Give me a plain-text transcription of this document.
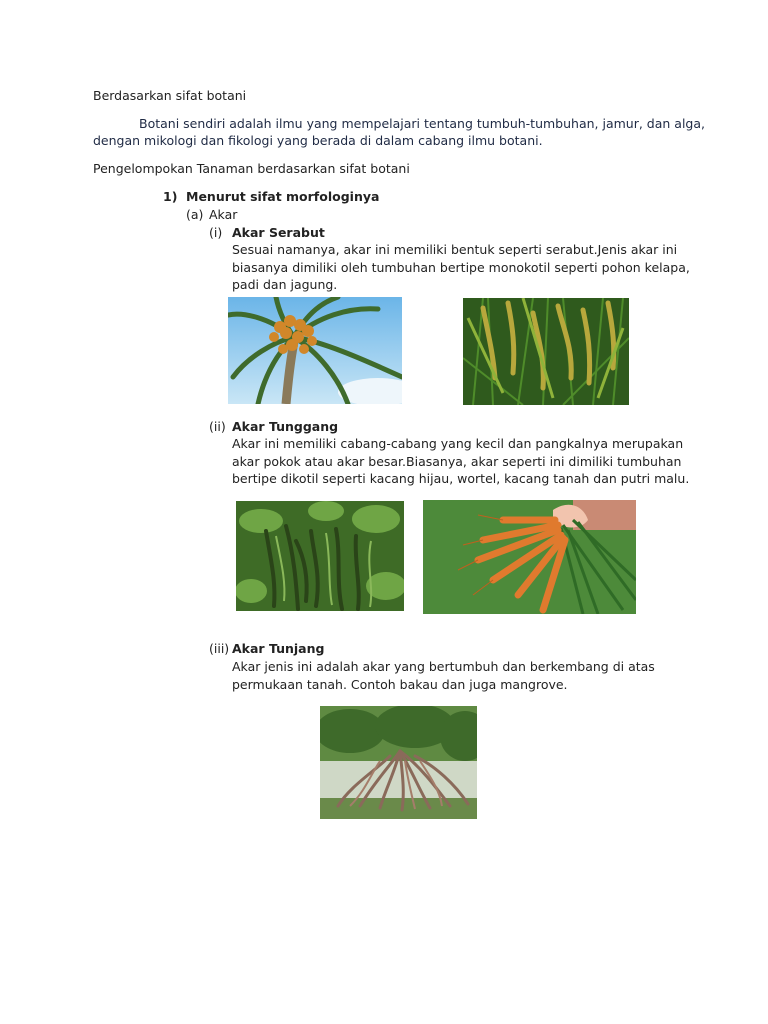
Berdasarkan sifat botani
Botani sendiri adalah ilmu yang mempelajari tentang tumbuh-tumbuhan, jamur, dan alga,
dengan mikologi dan fikologi yang berada di dalam cabang ilmu botani.
Pengelompokan Tanaman berdasarkan sifat botani
1) Menurut sifat morfologinya
(a) Akar
(i) Akar Serabut
Sesuai namanya, akar ini memiliki bentuk seperti serabut.Jenis akar ini
biasanya dimiliki oleh tumbuhan bertipe monokotil seperti pohon kelapa,
padi dan jagung.
(ii) Akar Tunggang
Akar ini memiliki cabang-cabang yang kecil dan pangkalnya merupakan
akar pokok atau akar besar.Biasanya, akar seperti ini dimiliki tumbuhan
bertipe dikotil seperti kacang hijau, wortel, kacang tanah dan putri malu.
(iii) Akar Tunjang
Akar jenis ini adalah akar yang bertumbuh dan berkembang di atas
permukaan tanah. Contoh bakau dan juga mangrove.
